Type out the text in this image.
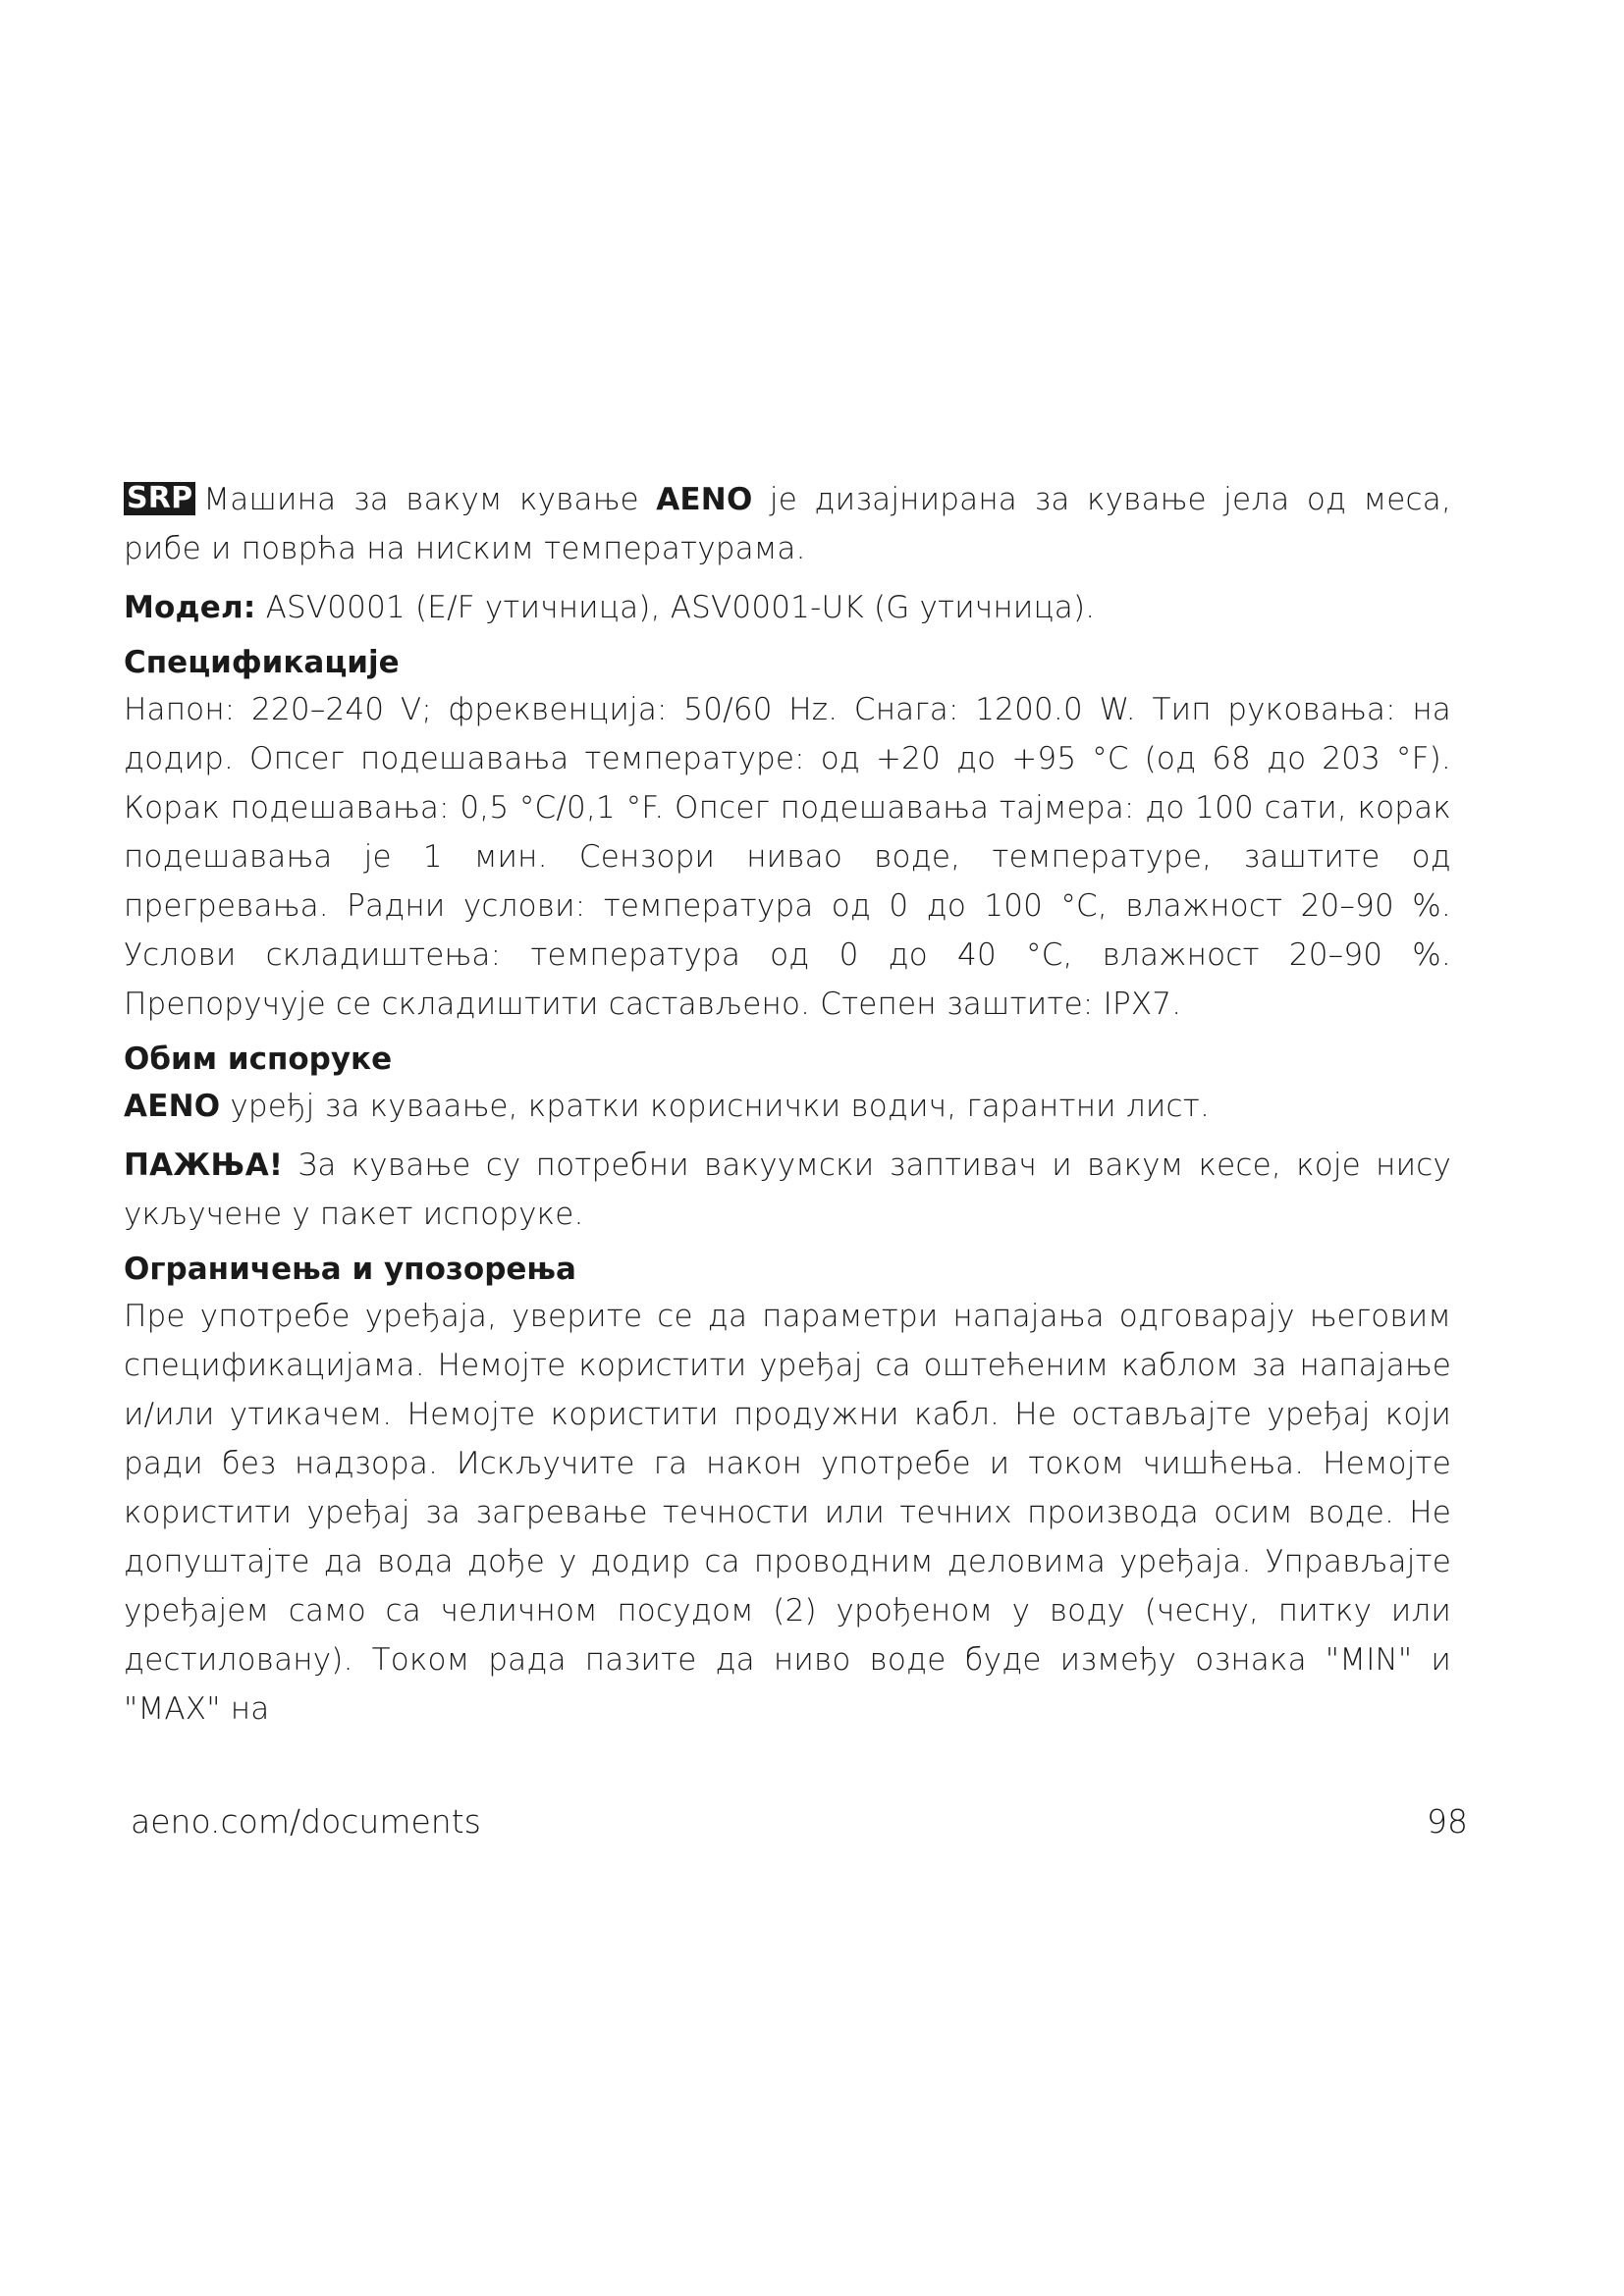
SRP Машина за вакум кување AENO је дизајнирана за кување јела од меса, рибе и поврћа на ниским температурама.

Модел: ASV0001 (E/F утичница), ASV0001-UK (G утичница).

Спецификације

Напон: 220–240 V; фреквенција: 50/60 Hz. Снага: 1200.0 W. Тип руковања: на додир. Опсег подешавања температуре: од +20 до +95 °C (од 68 до 203 °F). Корак подешавања: 0,5 °C/0,1 °F. Опсег подешавања тајмера: до 100 сати, корак подешавања је 1 мин. Сензори нивао воде, температуре, заштите од прегревања. Радни услови: температура од 0 до 100 °C, влажност 20–90 %. Услови складиштења: температура од 0 до 40 °C, влажност 20–90 %. Препоручује се складиштити састављено. Степен заштите: IPX7.

Обим испоруке

AENO уређј за куваање, кратки кориснички водич, гарантни лист.

ПАЖЊА! За кување су потребни вакуумски заптивач и вакум кесе, које нису укључене у пакет испоруке.

Ограничења и упозорења

Пре употребе уређаја, уверите се да параметри напајања одговарају његовим спецификацијама. Немојте користити уређај са оштећеним каблом за напајање и/или утикачем. Немојте користити продужни кабл. Не остављајте уређај који ради без надзора. Искључите га након употребе и током чишћења. Немојте користити уређај за загревање течности или течних производа осим воде. Не допуштајте да вода дође у додир са проводним деловима уређаја. Управљајте уређајем само са челичном посудом (2) урођеном у воду (чесну, питку или дестиловану). Током рада пазите да ниво воде буде између ознака "MIN" и "MAX" на

aeno.com/documents	98
